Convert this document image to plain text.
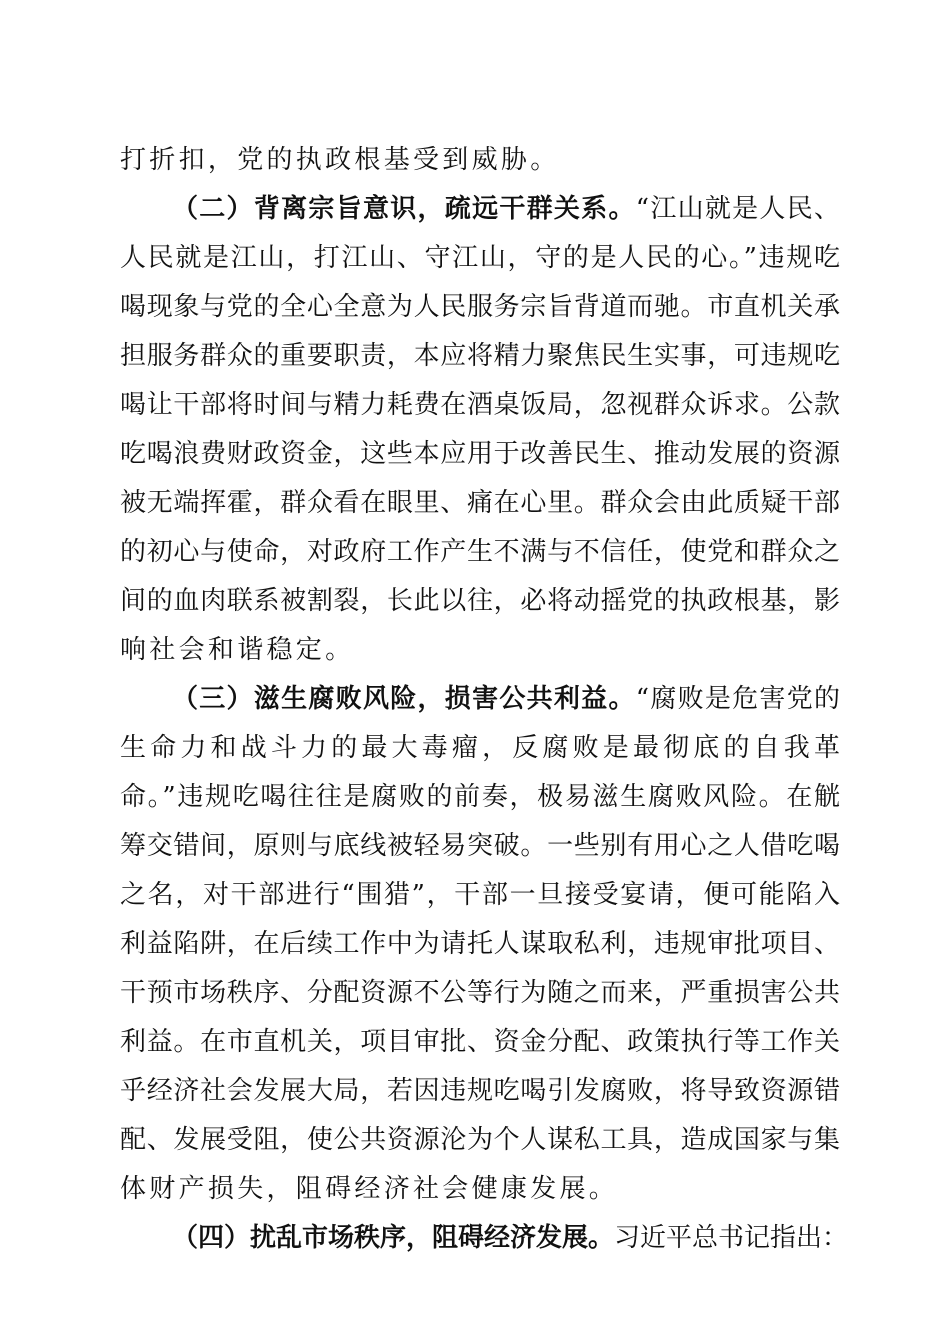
打折扣，党的执政根基受到威胁。
（二）背离宗旨意识，疏远干群关系。“江山就是人民、
人民就是江山，打江山、守江山，守的是人民的心。”违规吃
喝现象与党的全心全意为人民服务宗旨背道而驰。市直机关承
担服务群众的重要职责，本应将精力聚焦民生实事，可违规吃
喝让干部将时间与精力耗费在酒桌饭局，忽视群众诉求。公款
吃喝浪费财政资金，这些本应用于改善民生、推动发展的资源
被无端挥霍，群众看在眼里、痛在心里。群众会由此质疑干部
的初心与使命，对政府工作产生不满与不信任，使党和群众之
间的血肉联系被割裂，长此以往，必将动摇党的执政根基，影
响社会和谐稳定。
（三）滋生腐败风险，损害公共利益。“腐败是危害党的
生命力和战斗力的最大毒瘤，反腐败是最彻底的自我革
命。”违规吃喝往往是腐败的前奏，极易滋生腐败风险。在觥
筹交错间，原则与底线被轻易突破。一些别有用心之人借吃喝
之名，对干部进行“围猎”，干部一旦接受宴请，便可能陷入
利益陷阱，在后续工作中为请托人谋取私利，违规审批项目、
干预市场秩序、分配资源不公等行为随之而来，严重损害公共
利益。在市直机关，项目审批、资金分配、政策执行等工作关
乎经济社会发展大局，若因违规吃喝引发腐败，将导致资源错
配、发展受阻，使公共资源沦为个人谋私工具，造成国家与集
体财产损失，阻碍经济社会健康发展。
（四）扰乱市场秩序，阻碍经济发展。习近平总书记指出：
